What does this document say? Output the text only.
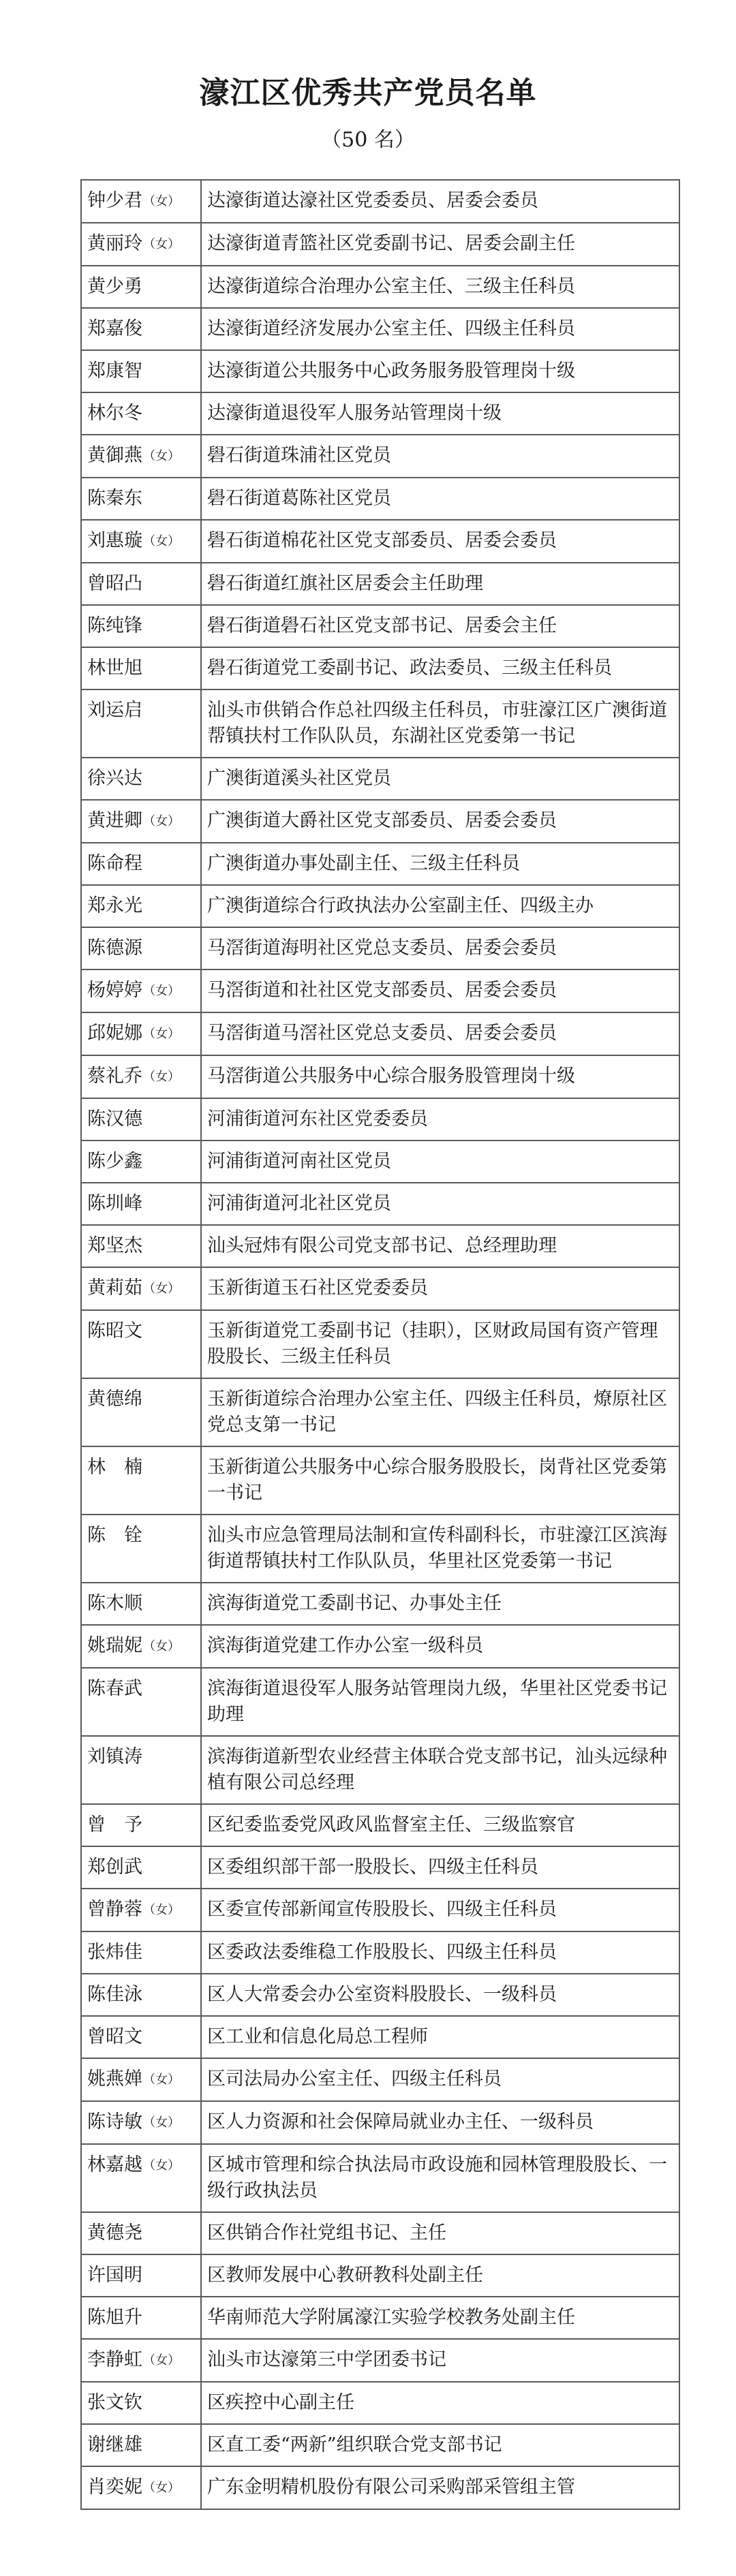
濠江区优秀共产党员名单
（50 名）
钟少君（女）	达濠街道达濠社区党委委员、居委会委员
黄丽玲（女）	达濠街道青篮社区党委副书记、居委会副主任
黄少勇	达濠街道综合治理办公室主任、三级主任科员
郑嘉俊	达濠街道经济发展办公室主任、四级主任科员
郑康智	达濠街道公共服务中心政务服务股管理岗十级
林尔冬	达濠街道退役军人服务站管理岗十级
黄御燕（女）	礐石街道珠浦社区党员
陈秦东	礐石街道葛陈社区党员
刘惠璇（女）	礐石街道棉花社区党支部委员、居委会委员
曾昭凸	礐石街道红旗社区居委会主任助理
陈纯锋	礐石街道礐石社区党支部书记、居委会主任
林世旭	礐石街道党工委副书记、政法委员、三级主任科员
刘运启	汕头市供销合作总社四级主任科员，市驻濠江区广澳街道帮镇扶村工作队队员，东湖社区党委第一书记
徐兴达	广澳街道溪头社区党员
黄进卿（女）	广澳街道大爵社区党支部委员、居委会委员
陈命程	广澳街道办事处副主任、三级主任科员
郑永光	广澳街道综合行政执法办公室副主任、四级主办
陈德源	马滘街道海明社区党总支委员、居委会委员
杨婷婷（女）	马滘街道和社社区党支部委员、居委会委员
邱妮娜（女）	马滘街道马滘社区党总支委员、居委会委员
蔡礼乔（女）	马滘街道公共服务中心综合服务股管理岗十级
陈汉德	河浦街道河东社区党委委员
陈少鑫	河浦街道河南社区党员
陈圳峰	河浦街道河北社区党员
郑坚杰	汕头冠炜有限公司党支部书记、总经理助理
黄莉茹（女）	玉新街道玉石社区党委委员
陈昭文	玉新街道党工委副书记（挂职），区财政局国有资产管理股股长、三级主任科员
黄德绵	玉新街道综合治理办公室主任、四级主任科员，燎原社区党总支第一书记
林　楠	玉新街道公共服务中心综合服务股股长，岗背社区党委第一书记
陈　铨	汕头市应急管理局法制和宣传科副科长，市驻濠江区滨海街道帮镇扶村工作队队员，华里社区党委第一书记
陈木顺	滨海街道党工委副书记、办事处主任
姚瑞妮（女）	滨海街道党建工作办公室一级科员
陈春武	滨海街道退役军人服务站管理岗九级，华里社区党委书记助理
刘镇涛	滨海街道新型农业经营主体联合党支部书记，汕头远绿种植有限公司总经理
曾　予	区纪委监委党风政风监督室主任、三级监察官
郑创武	区委组织部干部一股股长、四级主任科员
曾静蓉（女）	区委宣传部新闻宣传股股长、四级主任科员
张炜佳	区委政法委维稳工作股股长、四级主任科员
陈佳泳	区人大常委会办公室资料股股长、一级科员
曾昭文	区工业和信息化局总工程师
姚燕婵（女）	区司法局办公室主任、四级主任科员
陈诗敏（女）	区人力资源和社会保障局就业办主任、一级科员
林嘉越（女）	区城市管理和综合执法局市政设施和园林管理股股长、一级行政执法员
黄德尧	区供销合作社党组书记、主任
许国明	区教师发展中心教研教科处副主任
陈旭升	华南师范大学附属濠江实验学校教务处副主任
李静虹（女）	汕头市达濠第三中学团委书记
张文钦	区疾控中心副主任
谢继雄	区直工委“两新”组织联合党支部书记
肖奕妮（女）	广东金明精机股份有限公司采购部采管组主管
